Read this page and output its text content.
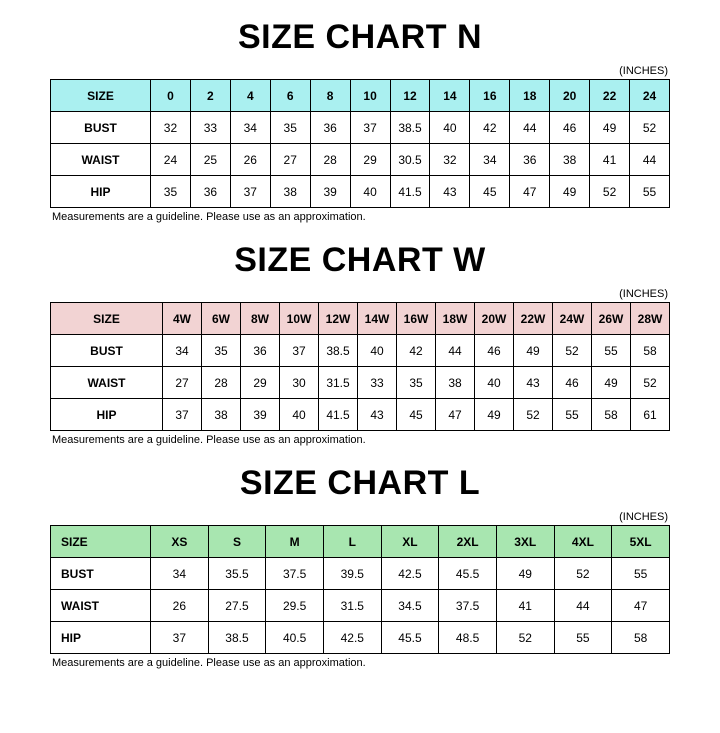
SIZE CHART N
(INCHES)
SIZE	0	2	4	6	8	10	12	14	16	18	20	22	24
BUST	32	33	34	35	36	37	38.5	40	42	44	46	49	52
WAIST	24	25	26	27	28	29	30.5	32	34	36	38	41	44
HIP	35	36	37	38	39	40	41.5	43	45	47	49	52	55
Measurements are a guideline. Please use as an approximation.
SIZE CHART W
(INCHES)
SIZE	4W	6W	8W	10W	12W	14W	16W	18W	20W	22W	24W	26W	28W
BUST	34	35	36	37	38.5	40	42	44	46	49	52	55	58
WAIST	27	28	29	30	31.5	33	35	38	40	43	46	49	52
HIP	37	38	39	40	41.5	43	45	47	49	52	55	58	61
Measurements are a guideline. Please use as an approximation.
SIZE CHART L
(INCHES)
SIZE	XS	S	M	L	XL	2XL	3XL	4XL	5XL
BUST	34	35.5	37.5	39.5	42.5	45.5	49	52	55
WAIST	26	27.5	29.5	31.5	34.5	37.5	41	44	47
HIP	37	38.5	40.5	42.5	45.5	48.5	52	55	58
Measurements are a guideline. Please use as an approximation.
